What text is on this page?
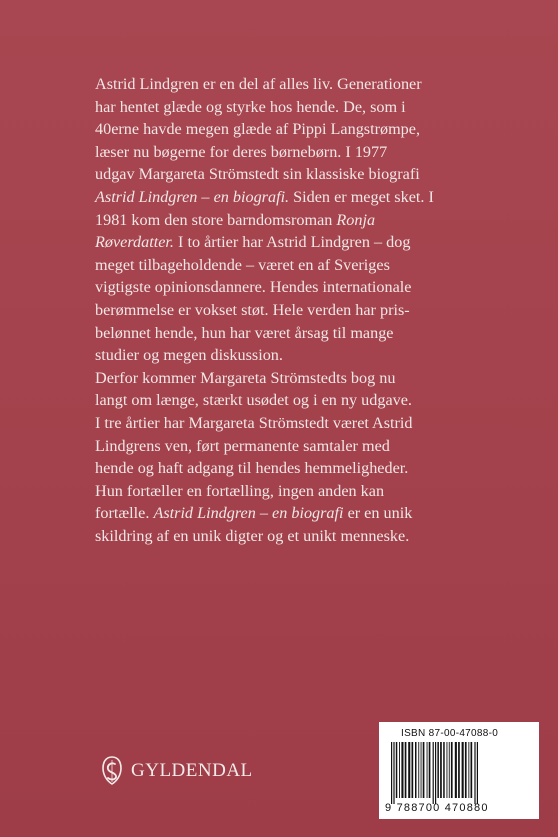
Astrid Lindgren er en del af alles liv. Generationer

har hentet glæde og styrke hos hende. De, som i

40erne havde megen glæde af Pippi Langstrømpe,

læser nu bøgerne for deres børnebørn. I 1977

udgav Margareta Strömstedt sin klassiske biografi

Astrid Lindgren – en biografi. Siden er meget sket. I

1981 kom den store barndomsroman Ronja

Røverdatter. I to årtier har Astrid Lindgren – dog

meget tilbageholdende – været en af Sveriges

vigtigste opinionsdannere. Hendes internationale

berømmelse er vokset støt. Hele verden har pris-

belønnet hende, hun har været årsag til mange

studier og megen diskussion.

Derfor kommer Margareta Strömstedts bog nu

langt om længe, stærkt usødet og i en ny udgave.

I tre årtier har Margareta Strömstedt været Astrid

Lindgrens ven, ført permanente samtaler med

hende og haft adgang til hendes hemmeligheder.

Hun fortæller en fortælling, ingen anden kan

fortælle. Astrid Lindgren – en biografi er en unik

skildring af en unik digter og et unikt menneske.

GYLDENDAL
ISBN 87-00-47088-0
9 788700 470880
